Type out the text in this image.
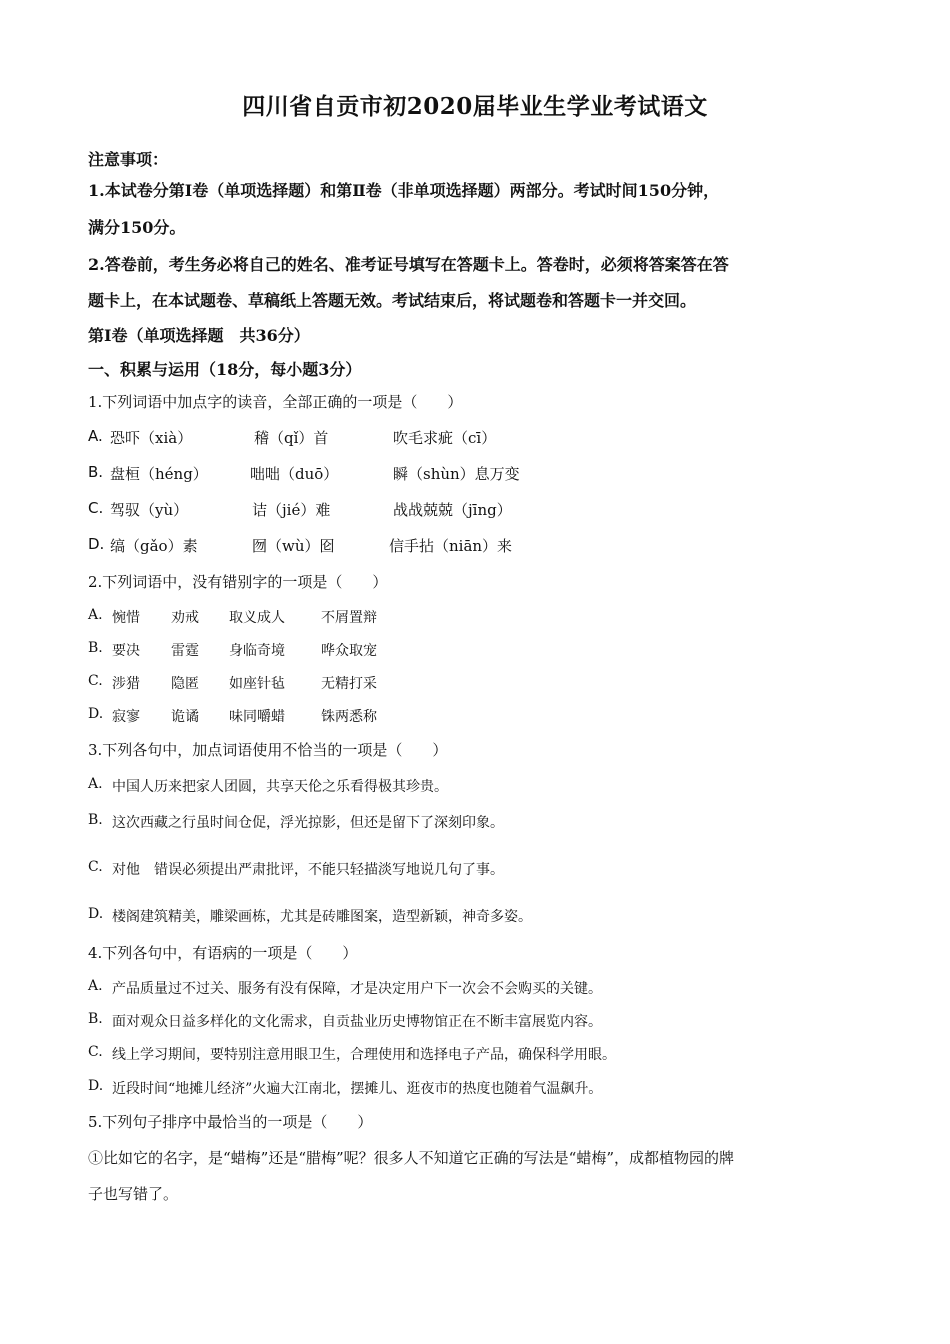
四川省自贡市初2020届毕业生学业考试语文
注意事项：
1.本试卷分第Ⅰ卷（单项选择题）和第Ⅱ卷（非单项选择题）两部分。考试时间150分钟，
满分150分。
2.答卷前，考生务必将自己的姓名、准考证号填写在答题卡上。答卷时，必须将答案答在答
题卡上，在本试题卷、草稿纸上答题无效。考试结束后，将试题卷和答题卡一并交回。
第Ⅰ卷（单项选择题　共36分）
一、积累与运用（18分，每小题3分）
1.下列词语中加点字的读音，全部正确的一项是（　　）
A. 恐吓（xià）	稽（qǐ）首	吹毛求疵（cī）
B. 盘桓（héng）	咄咄（duō）	瞬（shùn）息万变
C. 驾驭（yù）	诘（jié）难	战战兢兢（jīng）
D. 缟（gǎo）素	囫（wù）囵	信手拈（niān）来
2.下列词语中，没有错别字的一项是（　　）
A. 惋惜 劝戒 取义成人	不屑置辩
B. 要决 雷霆 身临奇境	哗众取宠
C. 涉猎 隐匿 如座针毡	无精打采
D. 寂寥 诡谲 味同嚼蜡	铢两悉称
3.下列各句中，加点词语使用不恰当的一项是（　　）
A. 中国人历来把家人团圆，共享天伦之乐看得极其珍贵。
B. 这次西藏之行虽时间仓促，浮光掠影，但还是留下了深刻印象。
C. 对他　错误必须提出严肃批评，不能只轻描淡写地说几句了事。
D. 楼阁建筑精美，雕梁画栋，尤其是砖雕图案，造型新颖，神奇多姿。
4.下列各句中，有语病的一项是（　　）
A. 产品质量过不过关、服务有没有保障，才是决定用户下一次会不会购买的关键。
B. 面对观众日益多样化的文化需求，自贡盐业历史博物馆正在不断丰富展览内容。
C. 线上学习期间，要特别注意用眼卫生，合理使用和选择电子产品，确保科学用眼。
D. 近段时间“地摊儿经济”火遍大江南北，摆摊儿、逛夜市的热度也随着气温飙升。
5.下列句子排序中最恰当的一项是（　　）
①比如它的名字，是“蜡梅”还是“腊梅”呢？很多人不知道它正确的写法是“蜡梅”，成都植物园的牌
子也写错了。
